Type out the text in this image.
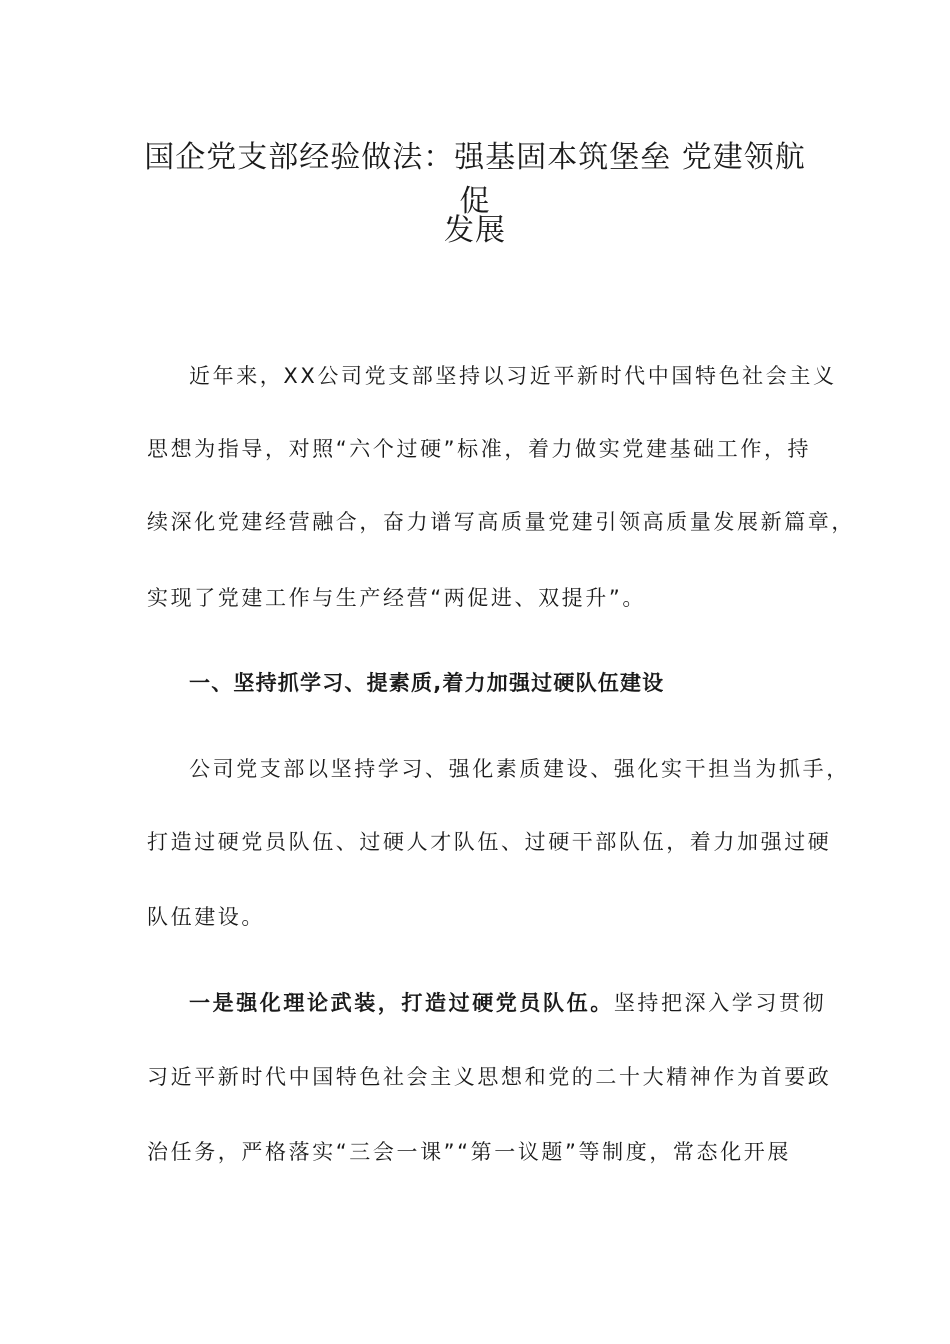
国企党支部经验做法：强基固本筑堡垒 党建领航促
发展

近年来，XX公司党支部坚持以习近平新时代中国特色社会主义

思想为指导，对照“六个过硬”标准，着力做实党建基础工作，持

续深化党建经营融合，奋力谱写高质量党建引领高质量发展新篇章，

实现了党建工作与生产经营“两促进、双提升”。

一、坚持抓学习、提素质,着力加强过硬队伍建设

公司党支部以坚持学习、强化素质建设、强化实干担当为抓手，

打造过硬党员队伍、过硬人才队伍、过硬干部队伍，着力加强过硬

队伍建设。

一是强化理论武装，打造过硬党员队伍。坚持把深入学习贯彻

习近平新时代中国特色社会主义思想和党的二十大精神作为首要政

治任务，严格落实“三会一课”“第一议题”等制度，常态化开展
